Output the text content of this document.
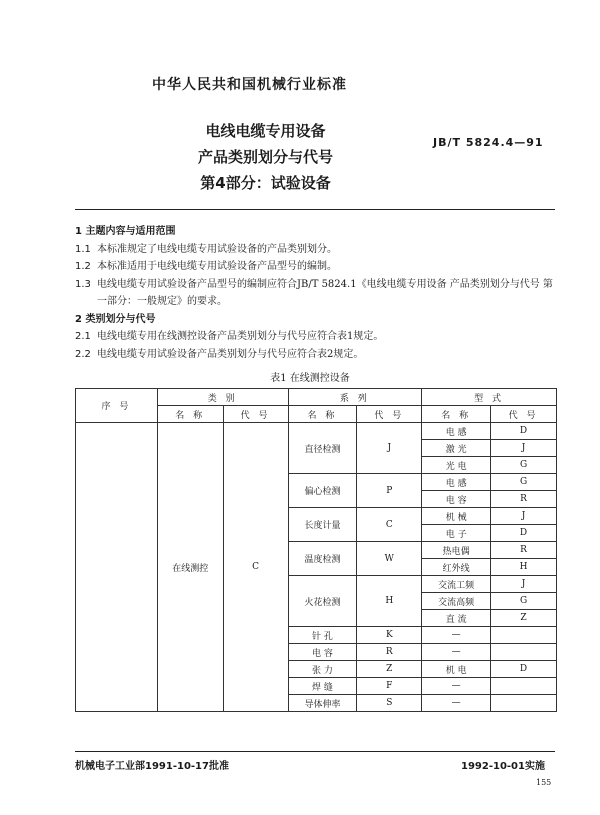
中华人民共和国机械行业标准
电线电缆专用设备
产品类别划分与代号
第4部分：试验设备
JB/T 5824.4—91
1 主题内容与适用范围
1.1 本标准规定了电线电缆专用试验设备的产品类别划分。
1.2 本标准适用于电线电缆专用试验设备产品型号的编制。
1.3 电线电缆专用试验设备产品型号的编制应符合JB/T 5824.1《电线电缆专用设备 产品类别划分与代号 第一部分：一般规定》的要求。
2 类别划分与代号
2.1 电线电缆专用在线测控设备产品类别划分与代号应符合表1规定。
2.2 电线电缆专用试验设备产品类别划分与代号应符合表2规定。
表1 在线测控设备
序 号	类 别		系 列		型 式	
	名 称	代 号	名 称	代 号	名 称	代 号
	在线测控	C	直径检测	J	电 感	D
					激 光	J
					光 电	G
			偏心检测	P	电 感	G
					电 容	R
			长度计量	C	机 械	J
					电 子	D
			温度检测	W	热电偶	R
					红外线	H
			火花检测	H	交流工频	J
					交流高频	G
					直 流	Z
			针 孔	K	—	
			电 容	R	—	
			张 力	Z	机 电	D
			焊 缝	F	—	
			导体伸率	S	—	
机械电子工业部1991-10-17批准	1992-10-01实施
155
